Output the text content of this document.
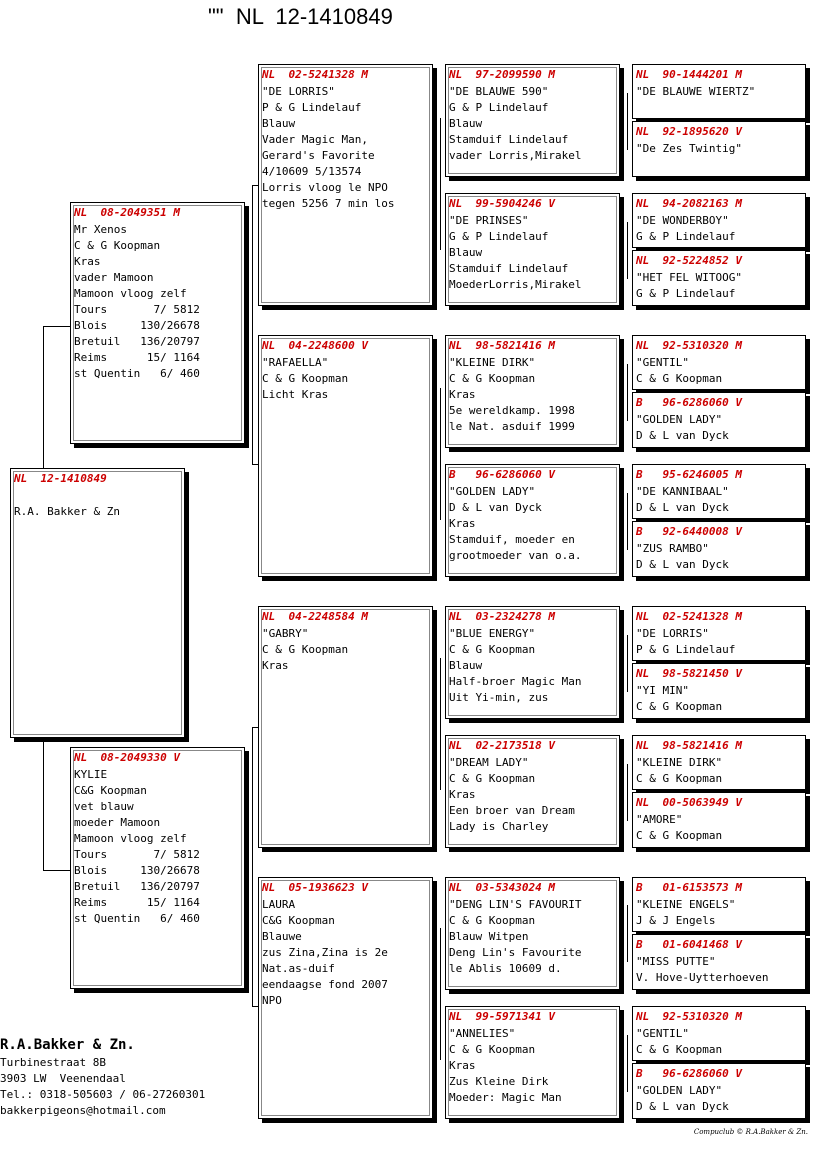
""  NL  12-1410849
NL  12-1410849

R.A. Bakker & Zn
NL  08-2049351 M
Mr Xenos
C & G Koopman
Kras
vader Mamoon
Mamoon vloog zelf
Tours       7/ 5812
Blois     130/26678
Bretuil   136/20797
Reims      15/ 1164
st Quentin   6/ 460
NL  08-2049330 V
KYLIE
C&G Koopman
vet blauw
moeder Mamoon
Mamoon vloog zelf
Tours       7/ 5812
Blois     130/26678
Bretuil   136/20797
Reims      15/ 1164
st Quentin   6/ 460
NL  02-5241328 M
"DE LORRIS"
P & G Lindelauf
Blauw
Vader Magic Man,
Gerard's Favorite
4/10609 5/13574
Lorris vloog le NPO
tegen 5256 7 min los
NL  04-2248600 V
"RAFAELLA"
C & G Koopman
Licht Kras
NL  04-2248584 M
"GABRY"
C & G Koopman
Kras
NL  05-1936623 V
LAURA
C&G Koopman
Blauwe
zus Zina,Zina is 2e
Nat.as-duif
eendaagse fond 2007
NPO
NL  97-2099590 M
"DE BLAUWE 590"
G & P Lindelauf
Blauw
Stamduif Lindelauf
vader Lorris,Mirakel
NL  99-5904246 V
"DE PRINSES"
G & P Lindelauf
Blauw
Stamduif Lindelauf
MoederLorris,Mirakel
NL  98-5821416 M
"KLEINE DIRK"
C & G Koopman
Kras
5e wereldkamp. 1998
le Nat. asduif 1999
B   96-6286060 V
"GOLDEN LADY"
D & L van Dyck
Kras
Stamduif, moeder en
grootmoeder van o.a.
NL  03-2324278 M
"BLUE ENERGY"
C & G Koopman
Blauw
Half-broer Magic Man
Uit Yi-min, zus
NL  02-2173518 V
"DREAM LADY"
C & G Koopman
Kras
Een broer van Dream
Lady is Charley
NL  03-5343024 M
"DENG LIN'S FAVOURIT
C & G Koopman
Blauw Witpen
Deng Lin's Favourite
le Ablis 10609 d.
NL  99-5971341 V
"ANNELIES"
C & G Koopman
Kras
Zus Kleine Dirk
Moeder: Magic Man
NL  90-1444201 M
"DE BLAUWE WIERTZ"
NL  92-1895620 V
"De Zes Twintig"
NL  94-2082163 M
"DE WONDERBOY"
G & P Lindelauf
NL  92-5224852 V
"HET FEL WITOOG"
G & P Lindelauf
NL  92-5310320 M
"GENTIL"
C & G Koopman
B   96-6286060 V
"GOLDEN LADY"
D & L van Dyck
B   95-6246005 M
"DE KANNIBAAL"
D & L van Dyck
B   92-6440008 V
"ZUS RAMBO"
D & L van Dyck
NL  02-5241328 M
"DE LORRIS"
P & G Lindelauf
NL  98-5821450 V
"YI MIN"
C & G Koopman
NL  98-5821416 M
"KLEINE DIRK"
C & G Koopman
NL  00-5063949 V
"AMORE"
C & G Koopman
B   01-6153573 M
"KLEINE ENGELS"
J & J Engels
B   01-6041468 V
"MISS PUTTE"
V. Hove-Uytterhoeven
NL  92-5310320 M
"GENTIL"
C & G Koopman
B   96-6286060 V
"GOLDEN LADY"
D & L van Dyck
R.A.Bakker & Zn.
Turbinestraat 8B
3903 LW  Veenendaal
Tel.: 0318-505603 / 06-27260301
bakkerpigeons@hotmail.com
Compuclub © R.A.Bakker & Zn.
